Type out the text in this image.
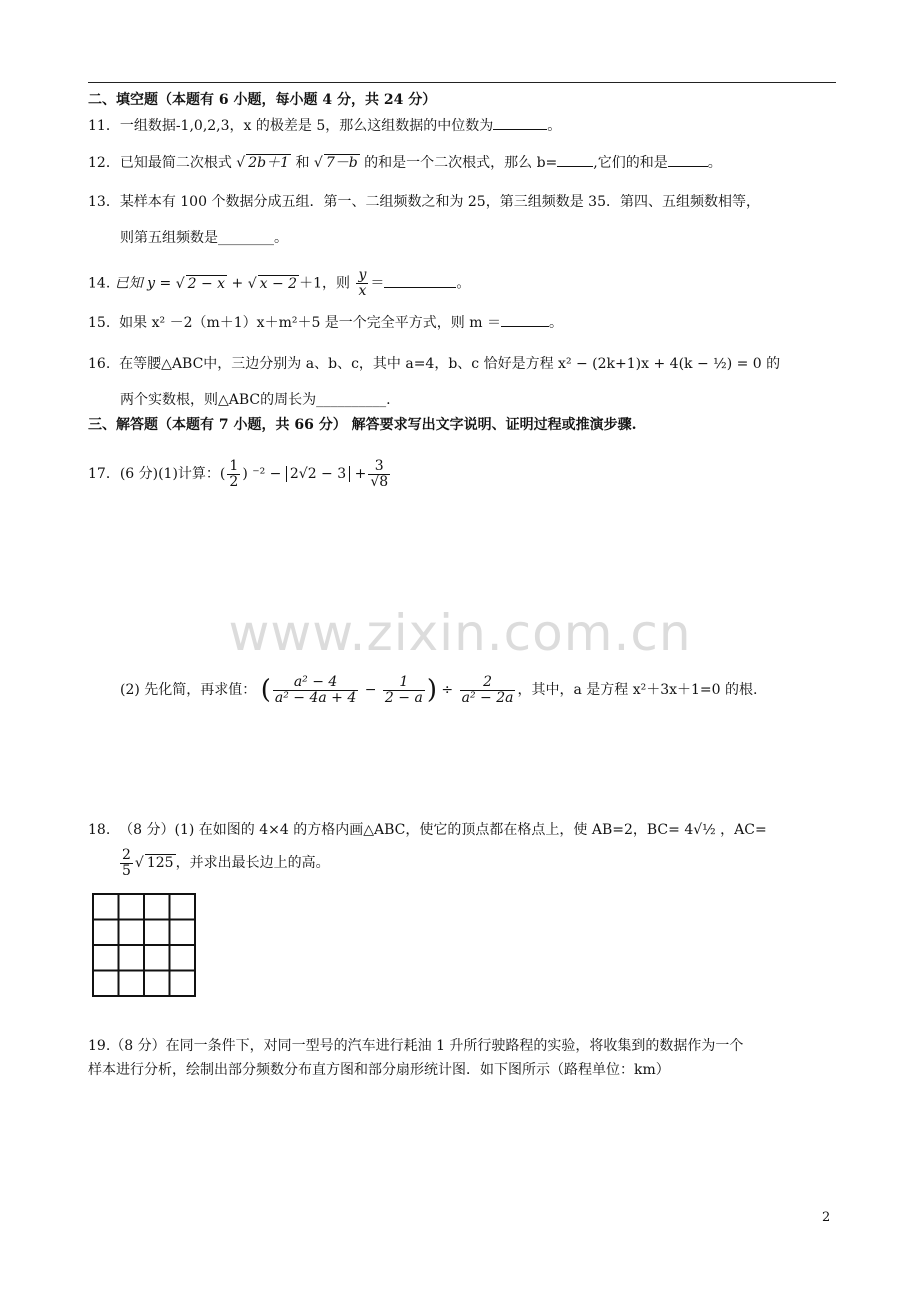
二、填空题（本题有 6 小题，每小题 4 分，共 24 分）
11．一组数据-1,0,2,3，x 的极差是 5，那么这组数据的中位数为	。
12．已知最简二次根式 √ 2b＋1 和 √ 7－b 的和是一个二次根式，那么 b=	,它们的和是	。
13．某样本有 100 个数据分成五组．第一、二组频数之和为 25，第三组频数是 35．第四、五组频数相等，
则第五组频数是________。
14. 已知 y = √ 2 − x + √ x − 2 ＋1，则 $\frac{y}{x}$ ＝	。
15. 如果 x² －2（m＋1）x＋m²＋5 是一个完全平方式，则 m ＝	。
16. 在等腰△ABC中，三边分别为 a、b、c，其中 a=4，b、c 恰好是方程 x² − (2k+1)x + 4(k − ½) = 0 的
两个实数根，则△ABC的周长为__________.
三、解答题（本题有 7 小题，共 66 分） 解答要求写出文字说明、证明过程或推演步骤.
17．(6 分)(1)计算：( $\frac{1}{2}$ ) $^{-2} - 2√2 - 3 + \frac{3}{√8}$
www.zixin.com.cn
(2) 先化简，再求值： ( $\frac{\text{a² − 4}}{\text{a² − 4a + 4}} - \frac{1}{2 - a}$ ) ÷ $\frac{2}{\text{a² − 2a}}$ ，其中，a 是方程 x²＋3x＋1=0 的根.
18. （8 分）(1) 在如图的 4×4 的方格内画△ABC，使它的顶点都在格点上，使 AB=2，BC= 4√½ ，AC=
$\frac{2}{5}$ √ 125 ，并求出最长边上的高。
19.（8 分）在同一条件下，对同一型号的汽车进行耗油 1 升所行驶路程的实验，将收集到的数据作为一个
样本进行分析，绘制出部分频数分布直方图和部分扇形统计图．如下图所示（路程单位：km）
2
